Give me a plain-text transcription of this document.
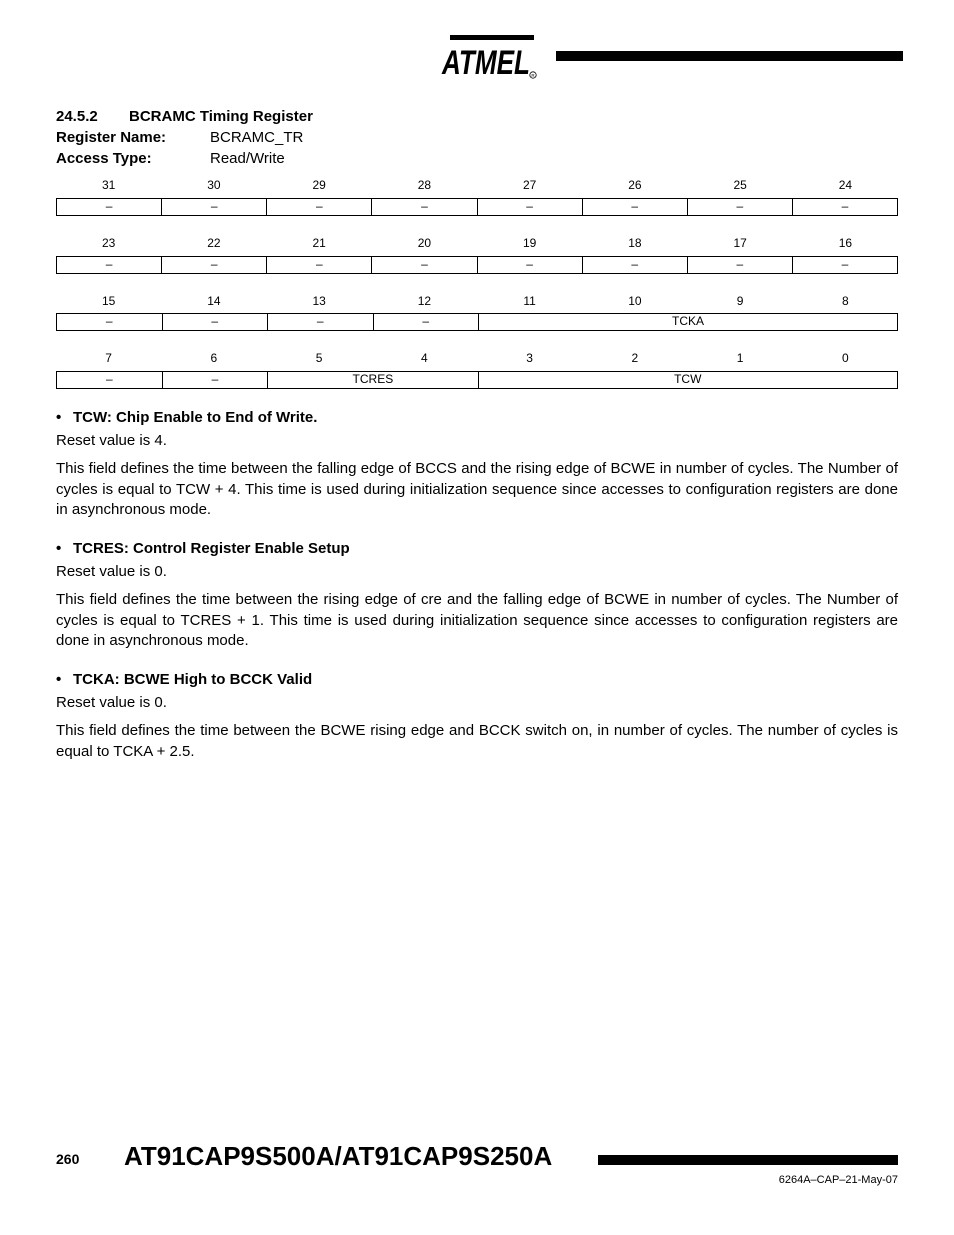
ATMEL R
24.5.2 BCRAMC Timing Register
Register Name:	BCRAMC_TR
Access Type:	Read/Write
31	30	29	28	27	26	25	24
–	–	–	–	–	–	–	–
23	22	21	20	19	18	17	16
–	–	–	–	–	–	–	–
15	14	13	12	11	10	9	8
–	–	–	–	TCKA
7	6	5	4	3	2	1	0
–	–	TCRES	TCW
• TCW: Chip Enable to End of Write.
Reset value is 4.
This field defines the time between the falling edge of BCCS and the rising edge of BCWE in number of cycles. The Number of cycles is equal to TCW + 4. This time is used during initialization sequence since accesses to configuration registers are done in asynchronous mode.
• TCRES: Control Register Enable Setup
Reset value is 0.
This field defines the time between the rising edge of cre and the falling edge of BCWE in number of cycles. The Number of cycles is equal to TCRES + 1. This time is used during initialization sequence since accesses to configuration registers are done in asynchronous mode.
• TCKA: BCWE High to BCCK Valid
Reset value is 0.
This field defines the time between the BCWE rising edge and BCCK switch on, in number of cycles. The number of cycles is equal to TCKA + 2.5.
260 AT91CAP9S500A/AT91CAP9S250A
6264A–CAP–21-May-07
